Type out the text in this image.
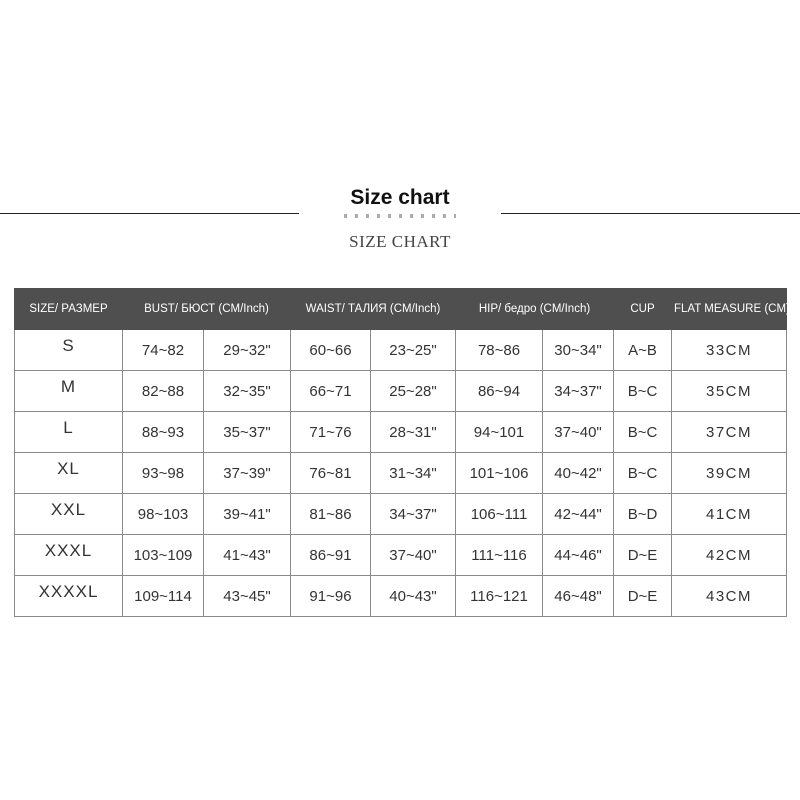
Size chart
SIZE CHART
SIZE/ РАЗМЕР	BUST/ БЮСТ (CM/Inch)		WAIST/ ТАЛИЯ (CM/Inch)		HIP/ бедро (CM/Inch)		CUP	FLAT MEASURE (CM)
S	74~82	29~32"	60~66	23~25"	78~86	30~34"	A~B	33CM
M	82~88	32~35"	66~71	25~28"	86~94	34~37"	B~C	35CM
L	88~93	35~37"	71~76	28~31"	94~101	37~40"	B~C	37CM
XL	93~98	37~39"	76~81	31~34"	101~106	40~42"	B~C	39CM
XXL	98~103	39~41"	81~86	34~37"	106~111	42~44"	B~D	41CM
XXXL	103~109	41~43"	86~91	37~40"	111~116	44~46"	D~E	42CM
XXXXL	109~114	43~45"	91~96	40~43"	116~121	46~48"	D~E	43CM
